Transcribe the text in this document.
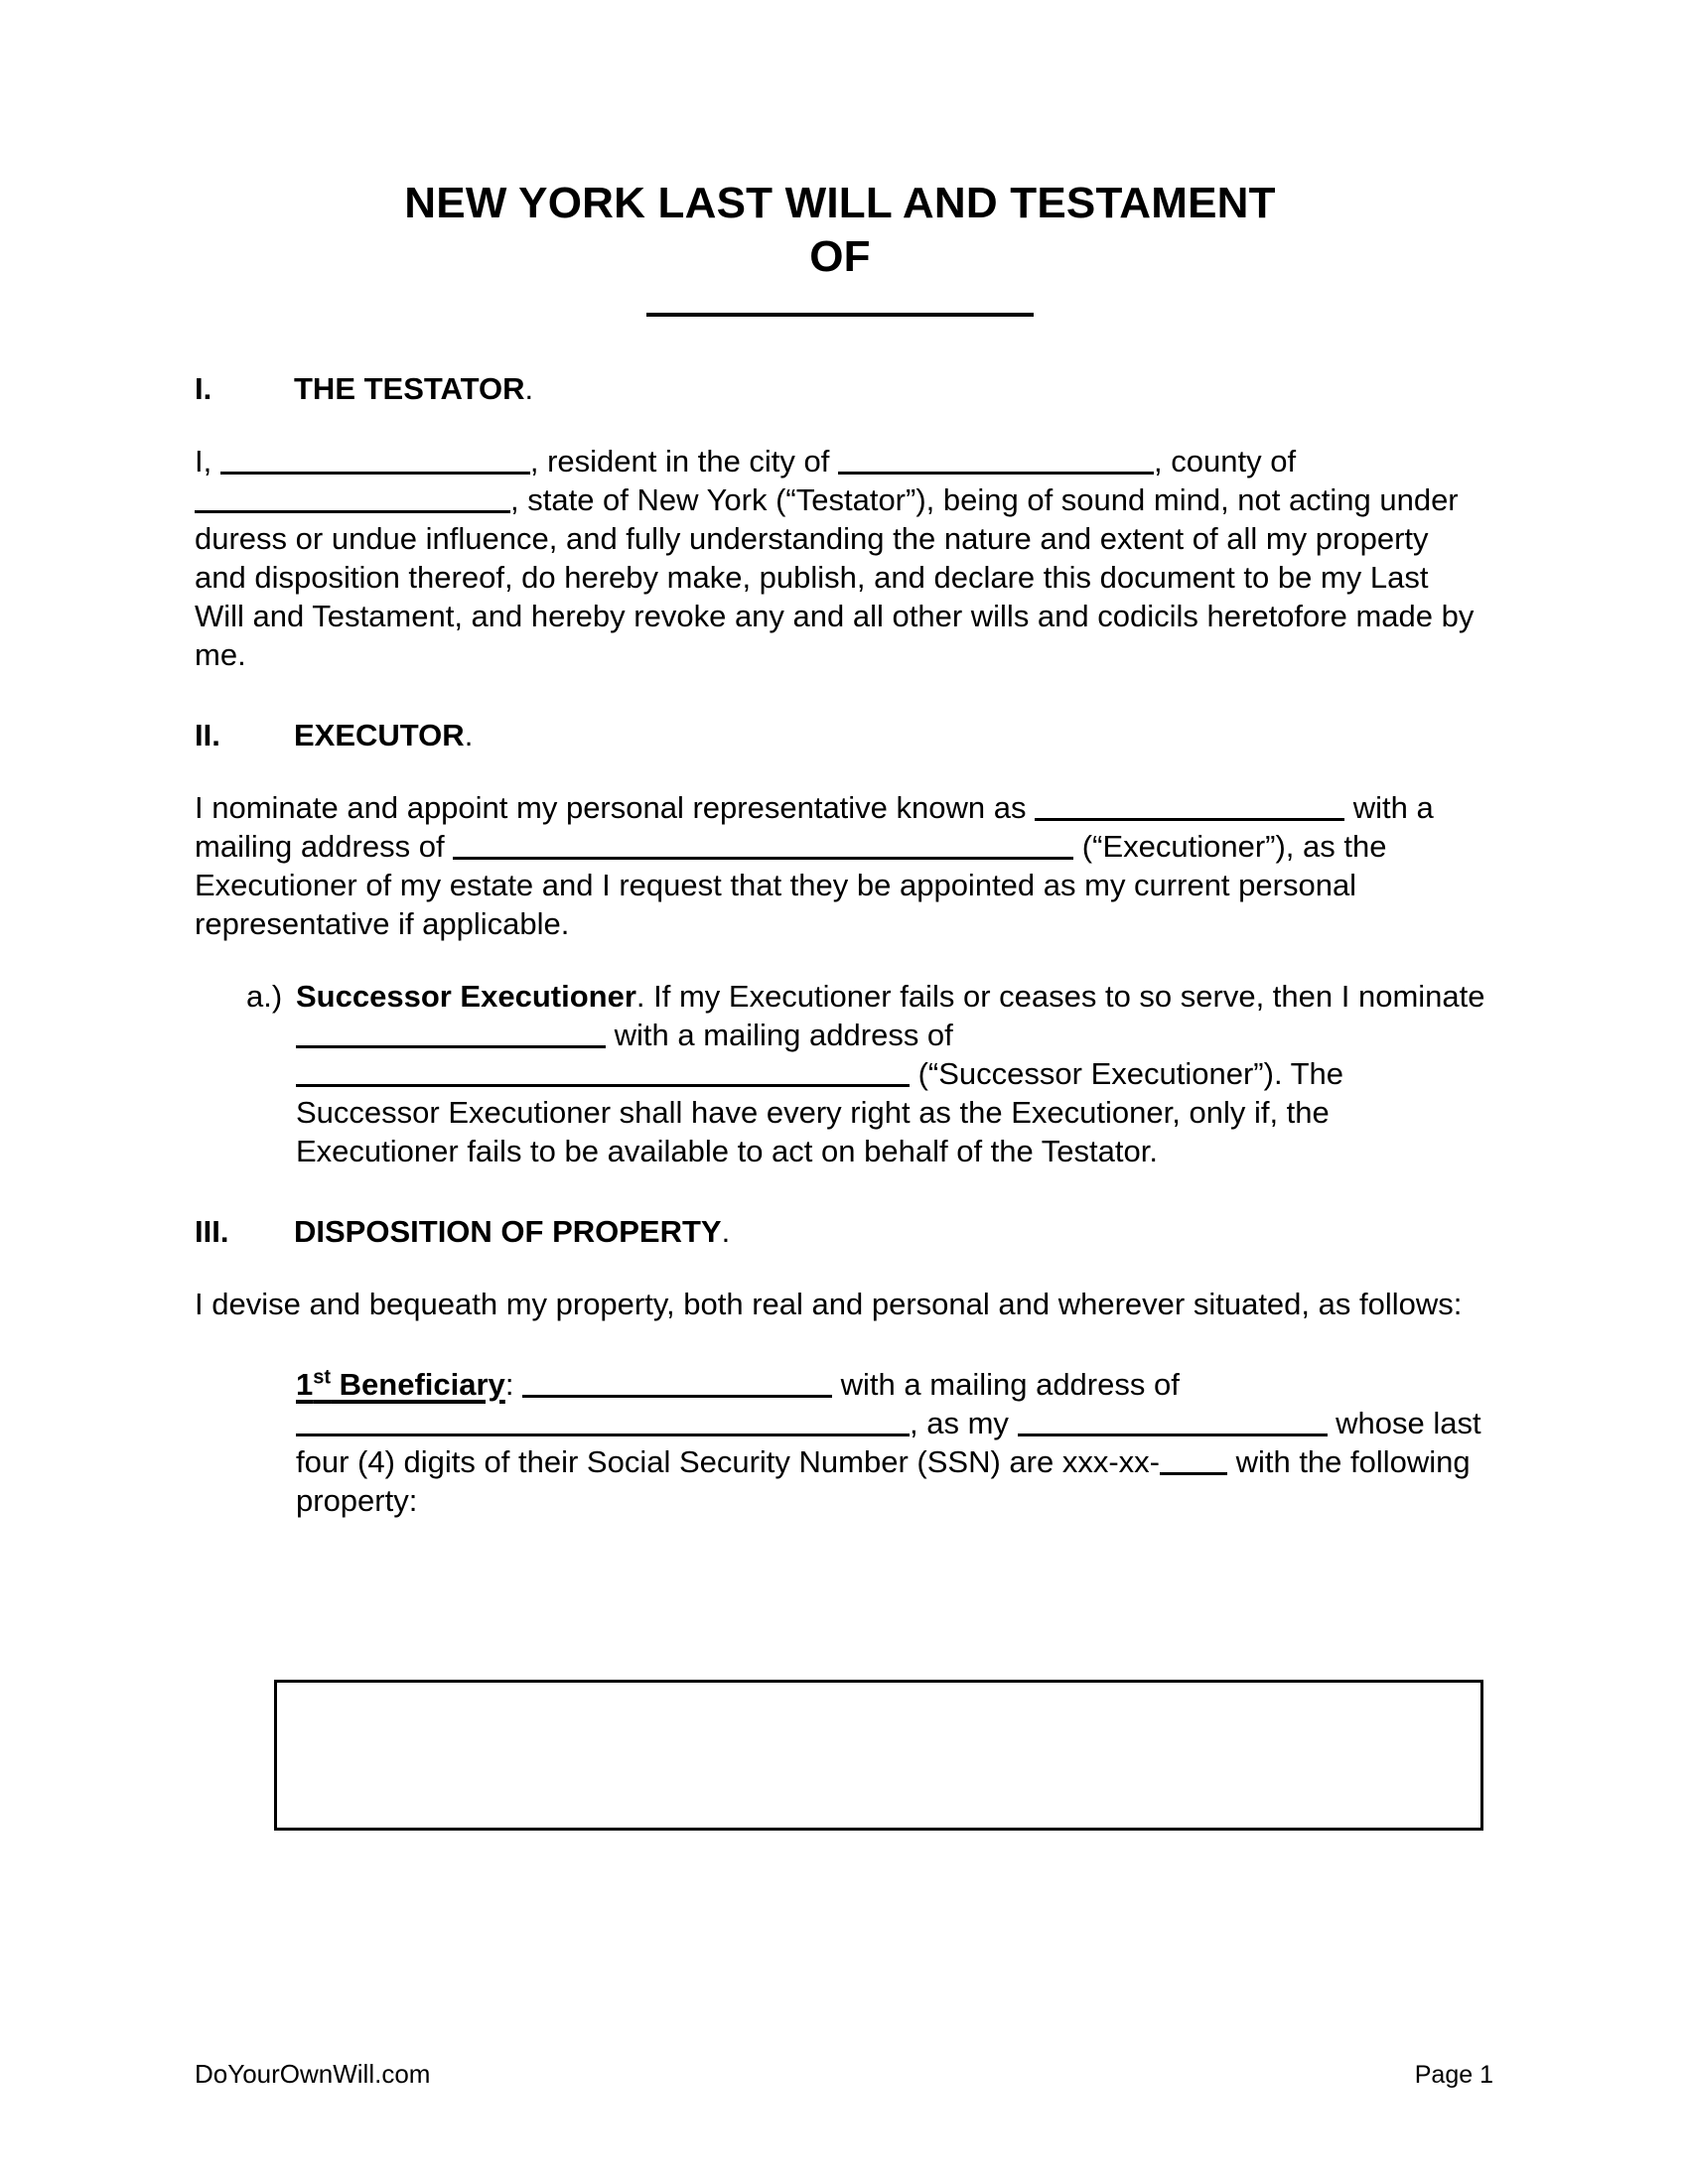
NEW YORK LAST WILL AND TESTAMENT
OF
I.	THE TESTATOR.
I,	, resident in the city of	, county of , state of New York (“Testator”), being of sound mind, not acting under duress or undue influence, and fully understanding the nature and extent of all my property and disposition thereof, do hereby make, publish, and declare this document to be my Last Will and Testament, and hereby revoke any and all other wills and codicils heretofore made by me.
II. EXECUTOR.
I nominate and appoint my personal representative known as	with a mailing address of	(“Executioner”), as the Executioner of my estate and I request that they be appointed as my current personal representative if applicable.
a.) Successor Executioner. If my Executioner fails or ceases to so serve, then I nominate  with a mailing address of  (“Successor Executioner”). The Successor Executioner shall have every right as the Executioner, only if, the Executioner fails to be available to act on behalf of the Testator.
III. DISPOSITION OF PROPERTY.
I devise and bequeath my property, both real and personal and wherever situated, as follows:
1st Beneficiary:	with a mailing address of , as my	whose last four (4) digits of their Social Security Number (SSN) are xxx-xx- with the following property:
DoYourOwnWill.com	Page 1
